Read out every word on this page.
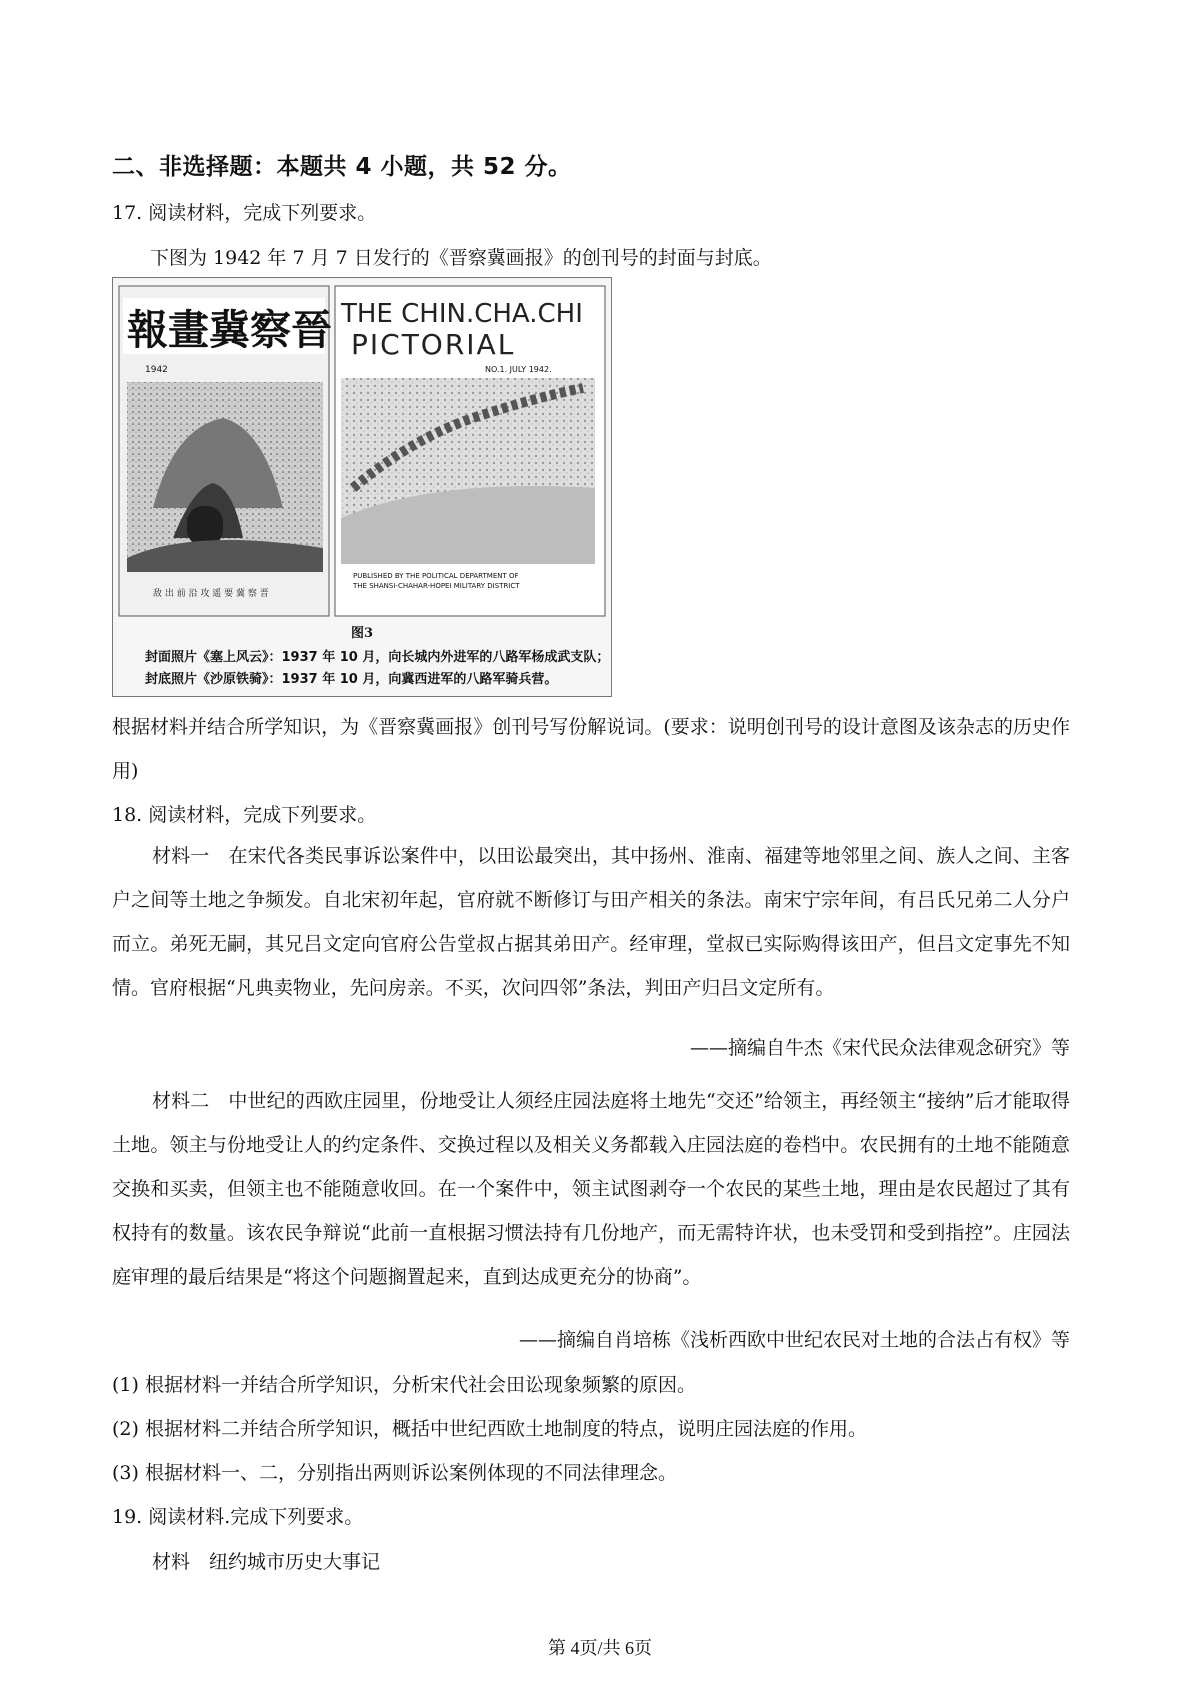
二、非选择题：本题共 4 小题，共 52 分。
17. 阅读材料，完成下列要求。
下图为 1942 年 7 月 7 日发行的《晋察冀画报》的创刊号的封面与封底。
報畫冀察晉
1942
敌 出 前 沿 攻 遥 要 冀 察 晋
THE CHIN.CHA.CHI
PICTORIAL
NO.1. JULY 1942.
PUBLISHED BY THE POLITICAL DEPARTMENT OF
THE SHANSI-CHAHAR-HOPEI MILITARY DISTRICT
图3
封面照片《塞上风云》：1937 年 10 月，向长城内外进军的八路军杨成武支队；
封底照片《沙原铁骑》：1937 年 10 月，向冀西进军的八路军骑兵营。
根据材料并结合所学知识，为《晋察冀画报》创刊号写份解说词。(要求：说明创刊号的设计意图及该杂志的历史作用)
18. 阅读材料，完成下列要求。
材料一　在宋代各类民事诉讼案件中，以田讼最突出，其中扬州、淮南、福建等地邻里之间、族人之间、主客户之间等土地之争频发。自北宋初年起，官府就不断修订与田产相关的条法。南宋宁宗年间，有吕氏兄弟二人分户而立。弟死无嗣，其兄吕文定向官府公告堂叔占据其弟田产。经审理，堂叔已实际购得该田产，但吕文定事先不知情。官府根据“凡典卖物业，先问房亲。不买，次问四邻”条法，判田产归吕文定所有。
——摘编自牛杰《宋代民众法律观念研究》等
材料二　中世纪的西欧庄园里，份地受让人须经庄园法庭将土地先“交还”给领主，再经领主“接纳”后才能取得土地。领主与份地受让人的约定条件、交换过程以及相关义务都载入庄园法庭的卷档中。农民拥有的土地不能随意交换和买卖，但领主也不能随意收回。在一个案件中，领主试图剥夺一个农民的某些土地，理由是农民超过了其有权持有的数量。该农民争辩说“此前一直根据习惯法持有几份地产，而无需特许状，也未受罚和受到指控”。庄园法庭审理的最后结果是“将这个问题搁置起来，直到达成更充分的协商”。
——摘编自肖培栋《浅析西欧中世纪农民对土地的合法占有权》等
(1) 根据材料一并结合所学知识，分析宋代社会田讼现象频繁的原因。
(2) 根据材料二并结合所学知识，概括中世纪西欧土地制度的特点，说明庄园法庭的作用。
(3) 根据材料一、二，分别指出两则诉讼案例体现的不同法律理念。
19. 阅读材料.完成下列要求。
材料　纽约城市历史大事记
第 4页/共 6页
